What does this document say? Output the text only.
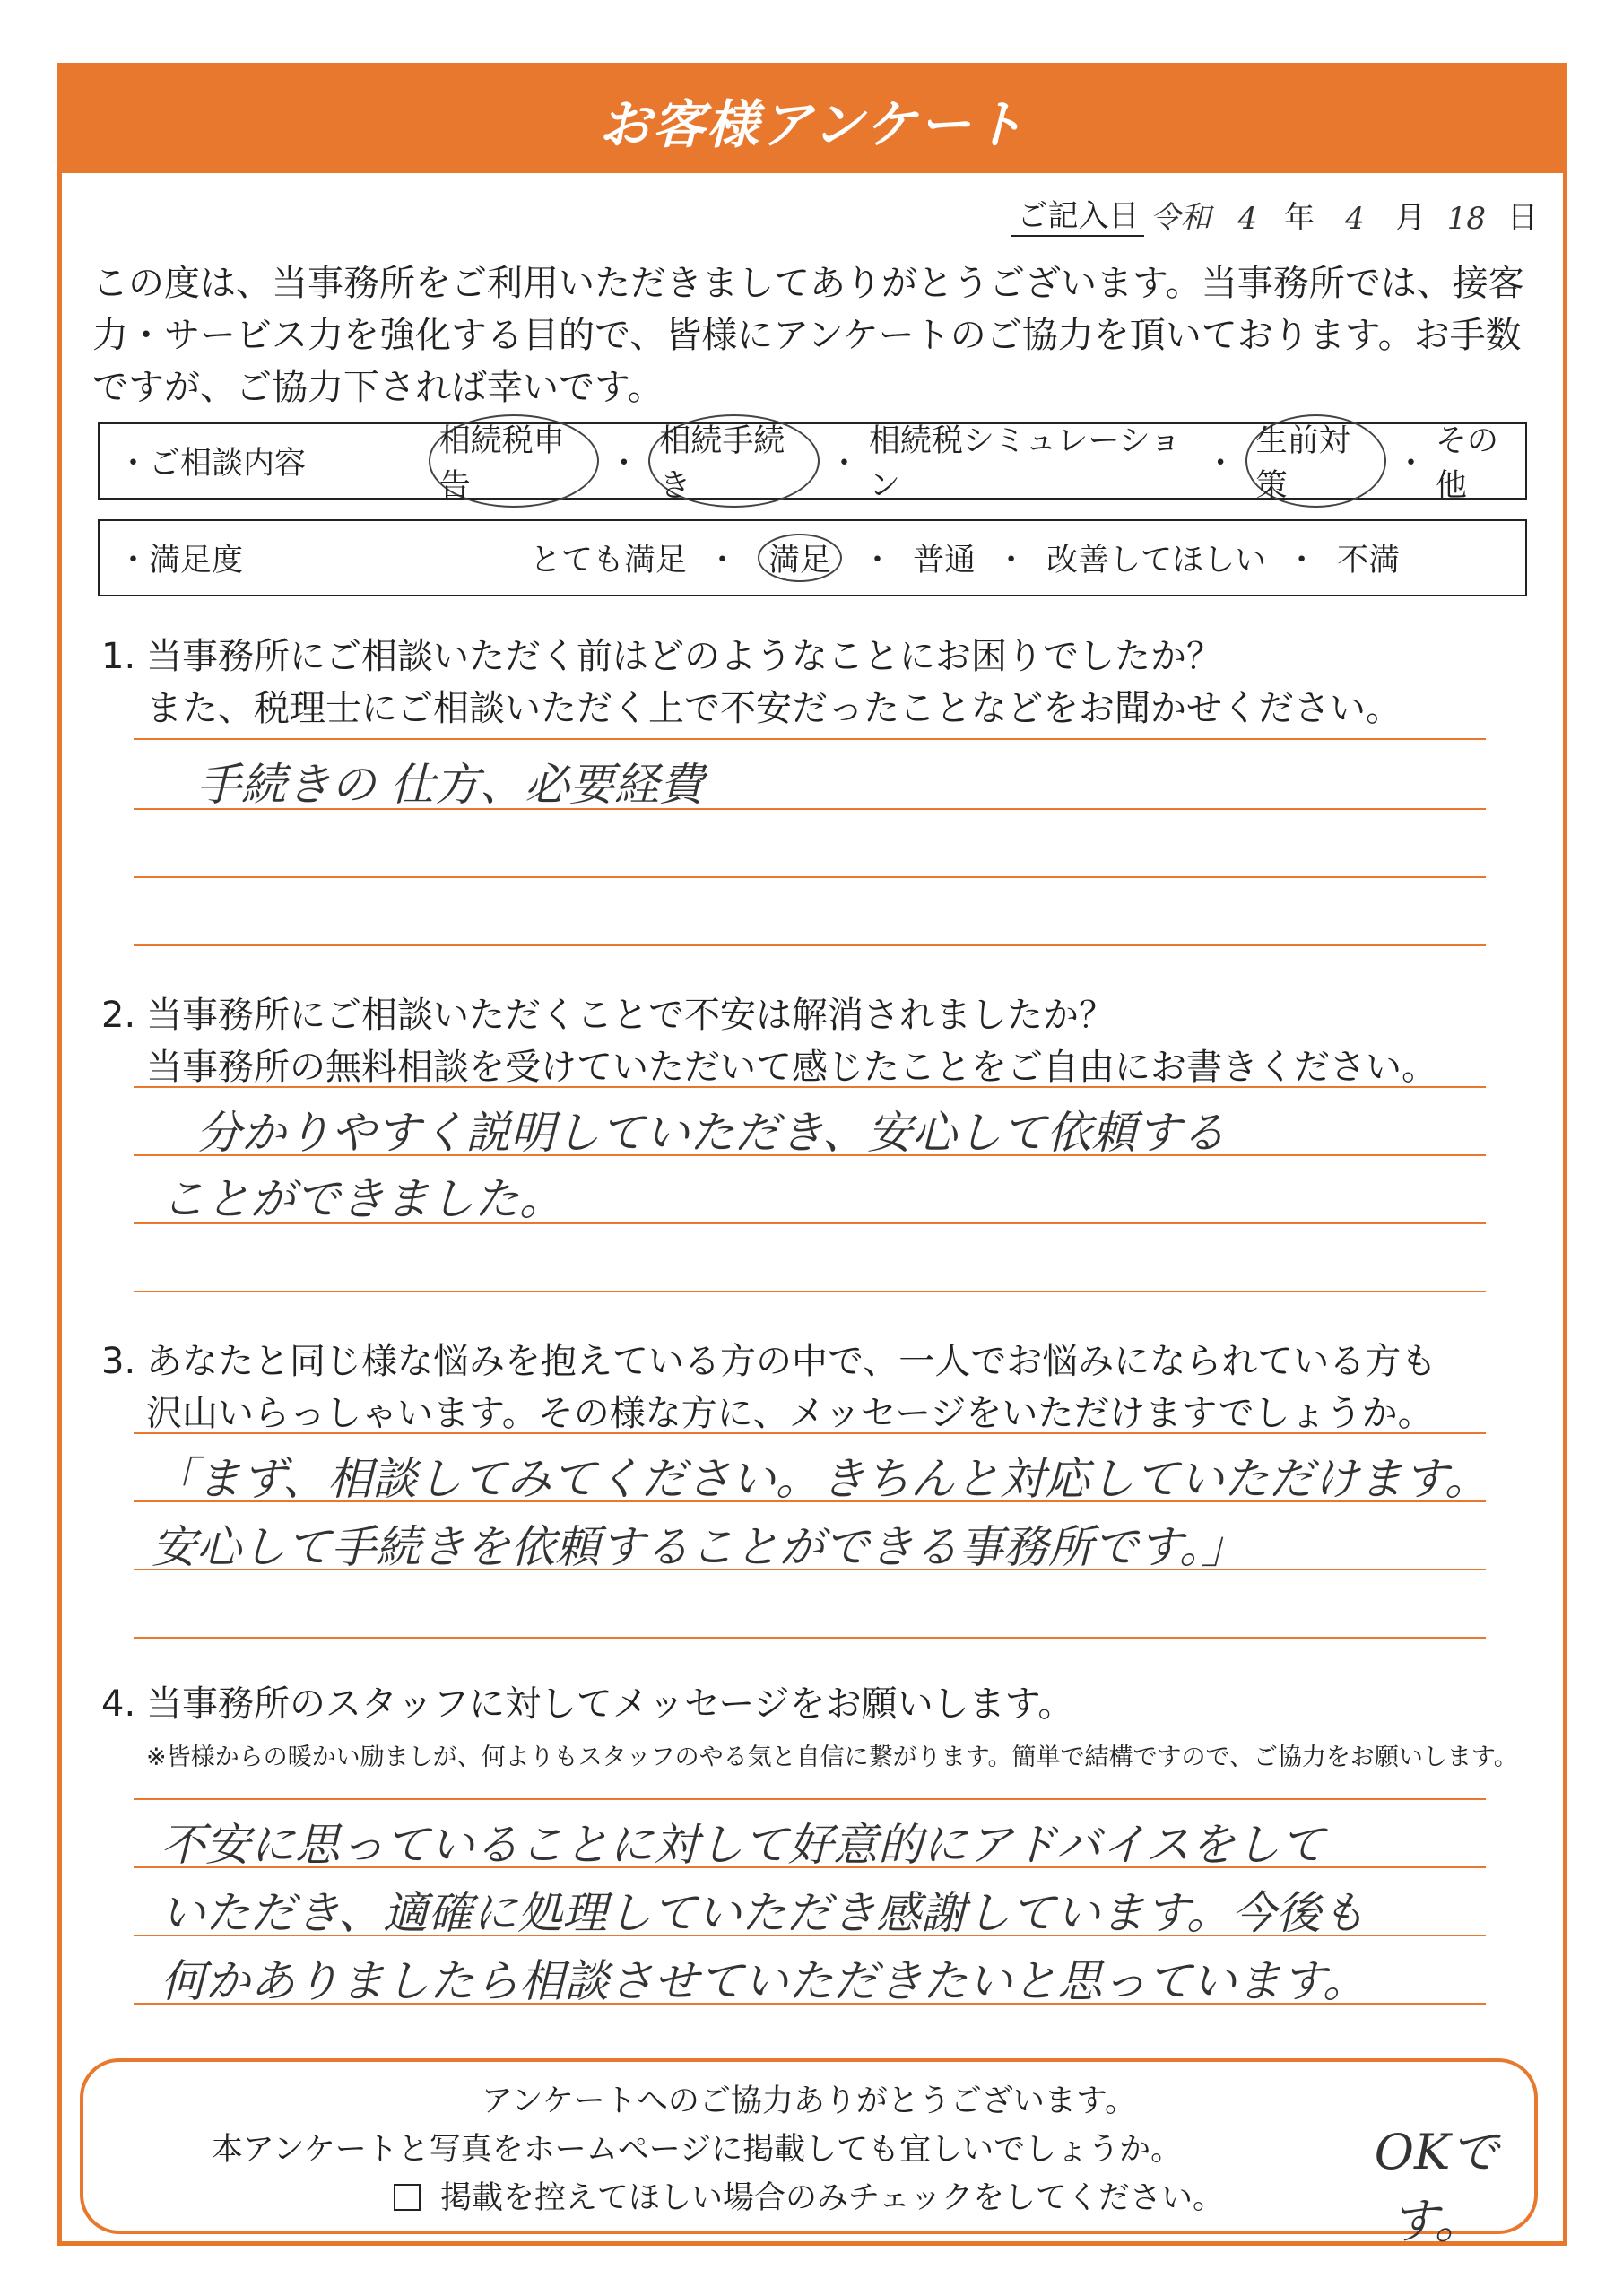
お客様アンケート
ご記入日 令和 4 年	4	月 18 日
この度は、当事務所をご利用いただきましてありがとうございます。当事務所では、接客
力・サービス力を強化する目的で、皆様にアンケートのご協力を頂いております。お手数
ですが、ご協力下されば幸いです。
・ご相談内容
相続税申告
・
相続手続き
・
相続税シミュレーション
・
生前対策
・
その他
・満足度	とても満足 ・ 満足 ・ 普通 ・ 改善してほしい ・ 不満
1. 当事務所にご相談いただく前はどのようなことにお困りでしたか？
また、税理士にご相談いただく上で不安だったことなどをお聞かせください。
手続きの 仕方、必要経費
2. 当事務所にご相談いただくことで不安は解消されましたか？
当事務所の無料相談を受けていただいて感じたことをご自由にお書きください。
分かりやすく説明していただき、安心して依頼する
ことができました。
3. あなたと同じ様な悩みを抱えている方の中で、一人でお悩みになられている方も
沢山いらっしゃいます。その様な方に、メッセージをいただけますでしょうか。
「まず、相談してみてください。きちんと対応していただけます。
安心して手続きを依頼することができる事務所です。」
4. 当事務所のスタッフに対してメッセージをお願いします。
※皆様からの暖かい励ましが、何よりもスタッフのやる気と自信に繋がります。簡単で結構ですので、ご協力をお願いします。
不安に思っていることに対して好意的にアドバイスをして
いただき、適確に処理していただき感謝しています。今後も
何かありましたら相談させていただきたいと思っています。
アンケートへのご協力ありがとうございます。
本アンケートと写真をホームページに掲載しても宜しいでしょうか。
掲載を控えてほしい場合のみチェックをしてください。
OKです。
